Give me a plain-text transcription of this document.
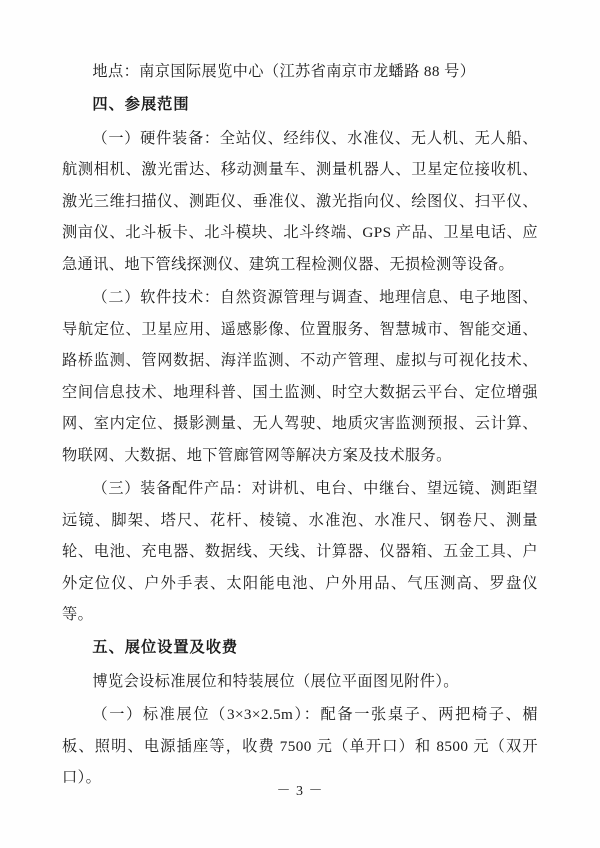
地点：南京国际展览中心（江苏省南京市龙蟠路 88 号）

四、参展范围

（一）硬件装备：全站仪、经纬仪、水准仪、无人机、无人船、航测相机、激光雷达、移动测量车、测量机器人、卫星定位接收机、激光三维扫描仪、测距仪、垂准仪、激光指向仪、绘图仪、扫平仪、测亩仪、北斗板卡、北斗模块、北斗终端、GPS 产品、卫星电话、应急通讯、地下管线探测仪、建筑工程检测仪器、无损检测等设备。

（二）软件技术：自然资源管理与调查、地理信息、电子地图、导航定位、卫星应用、遥感影像、位置服务、智慧城市、智能交通、路桥监测、管网数据、海洋监测、不动产管理、虚拟与可视化技术、空间信息技术、地理科普、国土监测、时空大数据云平台、定位增强网、室内定位、摄影测量、无人驾驶、地质灾害监测预报、云计算、物联网、大数据、地下管廊管网等解决方案及技术服务。

（三）装备配件产品：对讲机、电台、中继台、望远镜、测距望远镜、脚架、塔尺、花杆、棱镜、水准泡、水准尺、钢卷尺、测量轮、电池、充电器、数据线、天线、计算器、仪器箱、五金工具、户外定位仪、户外手表、太阳能电池、户外用品、气压测高、罗盘仪等。

五、展位设置及收费

博览会设标准展位和特装展位（展位平面图见附件）。

（一）标准展位（3×3×2.5m）：配备一张桌子、两把椅子、楣板、照明、电源插座等，收费 7500 元（单开口）和 8500 元（双开口）。

－ 3 －
